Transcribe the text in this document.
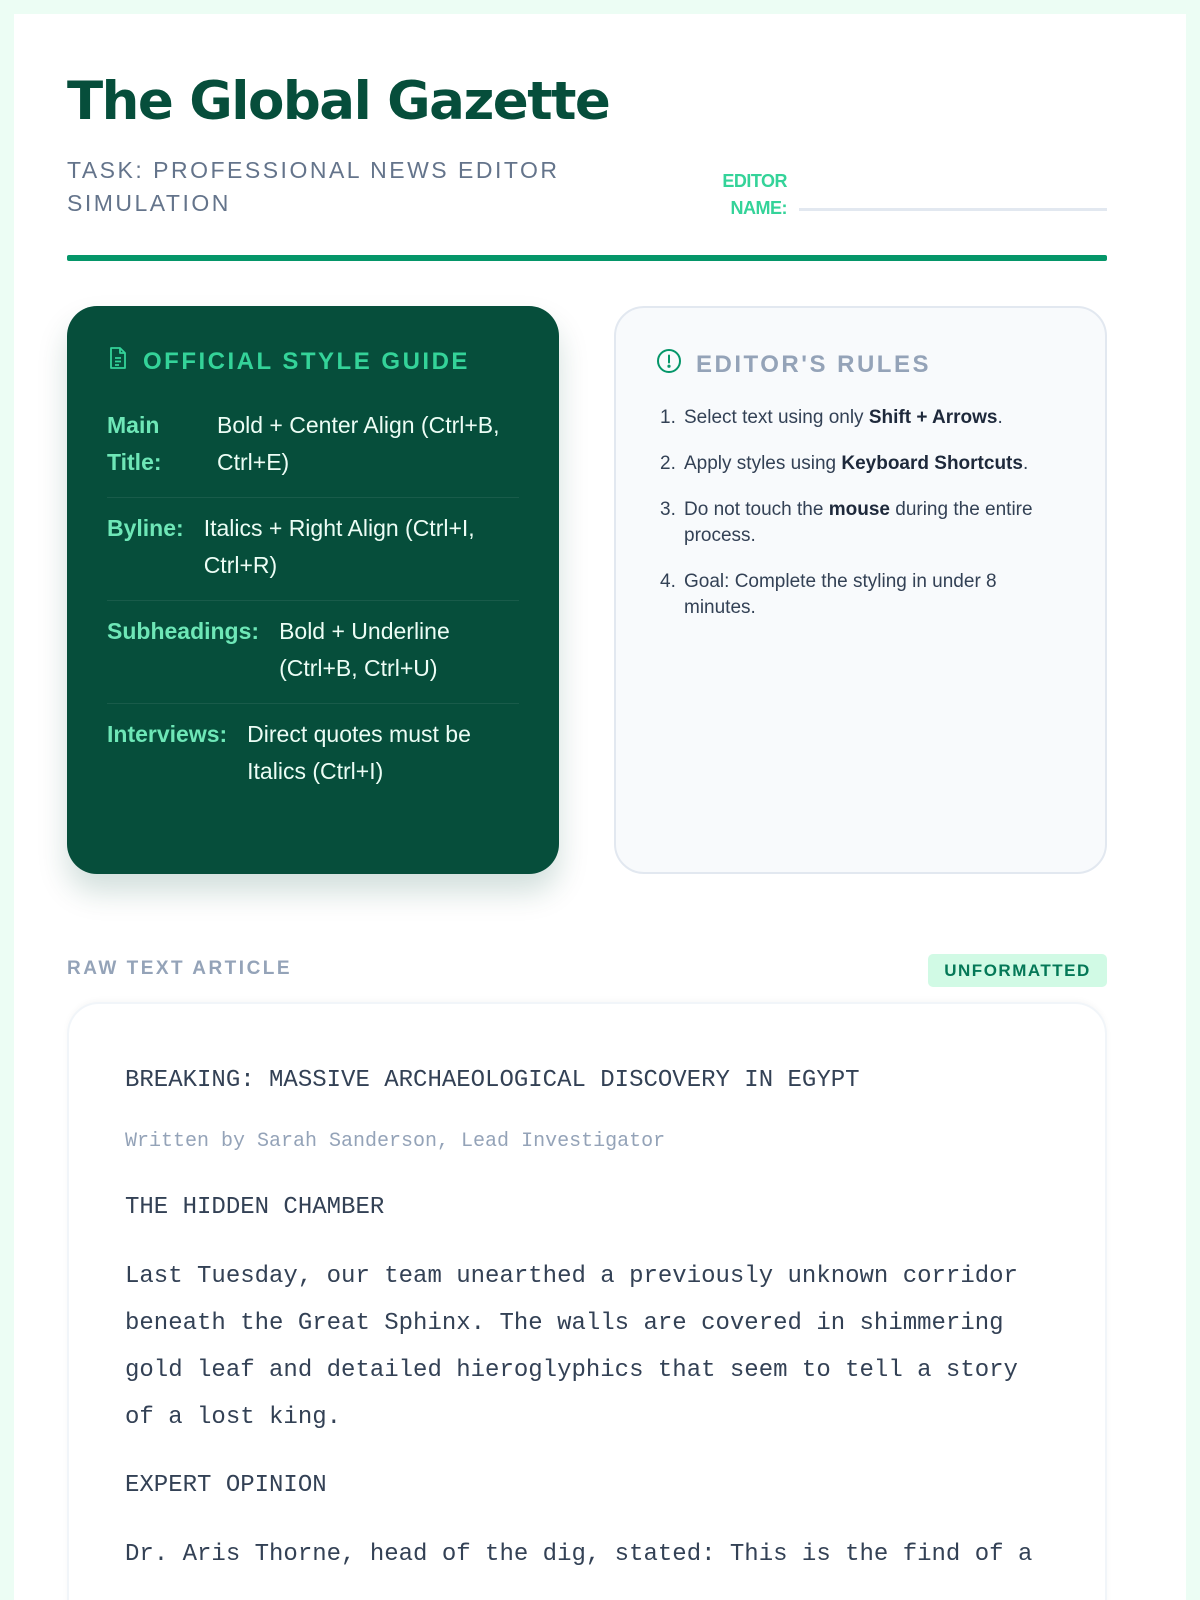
The Global Gazette
TASK: PROFESSIONAL NEWS EDITOR SIMULATION
EDITOR NAME:
OFFICIAL STYLE GUIDE
Main Title:
Bold + Center Align (Ctrl+B, Ctrl+E)
Byline: Italics + Right Align (Ctrl+I, Ctrl+R)
Subheadings: Bold + Underline (Ctrl+B, Ctrl+U)
Interviews: Direct quotes must be Italics (Ctrl+I)
EDITOR'S RULES
1. Select text using only Shift + Arrows.
2. Apply styles using Keyboard Shortcuts.
3. Do not touch the mouse during the entire process.
4. Goal: Complete the styling in under 8 minutes.
RAW TEXT ARTICLE	UNFORMATTED
BREAKING: MASSIVE ARCHAEOLOGICAL DISCOVERY IN EGYPT
Written by Sarah Sanderson, Lead Investigator
THE HIDDEN CHAMBER
Last Tuesday, our team unearthed a previously unknown corridor beneath the Great Sphinx. The walls are covered in shimmering gold leaf and detailed hieroglyphics that seem to tell a story of a lost king.
EXPERT OPINION
Dr. Aris Thorne, head of the dig, stated: This is the find of a
